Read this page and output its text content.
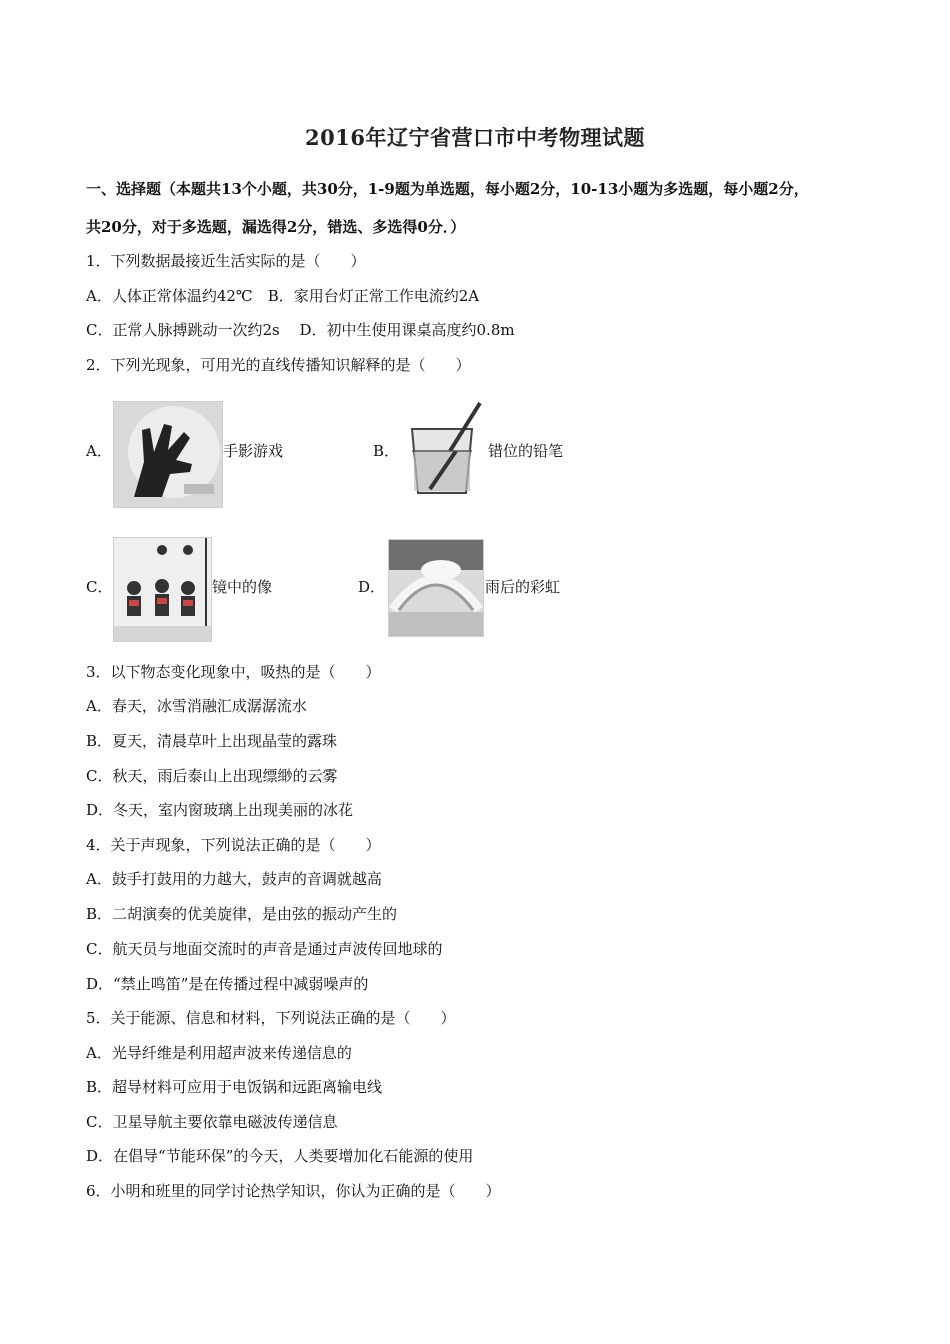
2016年辽宁省营口市中考物理试题
一、选择题（本题共13个小题，共30分，1-9题为单选题，每小题2分，10-13小题为多选题，每小题2分，
共20分，对于多选题，漏选得2分，错选、多选得0分．）
1．下列数据最接近生活实际的是（　　）
A．人体正常体温约42℃　B．家用台灯正常工作电流约2A
C．正常人脉搏跳动一次约2s　 D．初中生使用课桌高度约0.8m
2．下列光现象，可用光的直线传播知识解释的是（　　）
A．	手影游戏	B．	错位的铅笔
C．	镜中的像	D．	雨后的彩虹
3．以下物态变化现象中，吸热的是（　　）
A．春天，冰雪消融汇成潺潺流水
B．夏天，清晨草叶上出现晶莹的露珠
C．秋天，雨后泰山上出现缥缈的云雾
D．冬天，室内窗玻璃上出现美丽的冰花
4．关于声现象，下列说法正确的是（　　）
A．鼓手打鼓用的力越大，鼓声的音调就越高
B．二胡演奏的优美旋律，是由弦的振动产生的
C．航天员与地面交流时的声音是通过声波传回地球的
D．“禁止鸣笛”是在传播过程中减弱噪声的
5．关于能源、信息和材料，下列说法正确的是（　　）
A．光导纤维是利用超声波来传递信息的
B．超导材料可应用于电饭锅和远距离输电线
C．卫星导航主要依靠电磁波传递信息
D．在倡导“节能环保”的今天，人类要增加化石能源的使用
6．小明和班里的同学讨论热学知识，你认为正确的是（　　）
